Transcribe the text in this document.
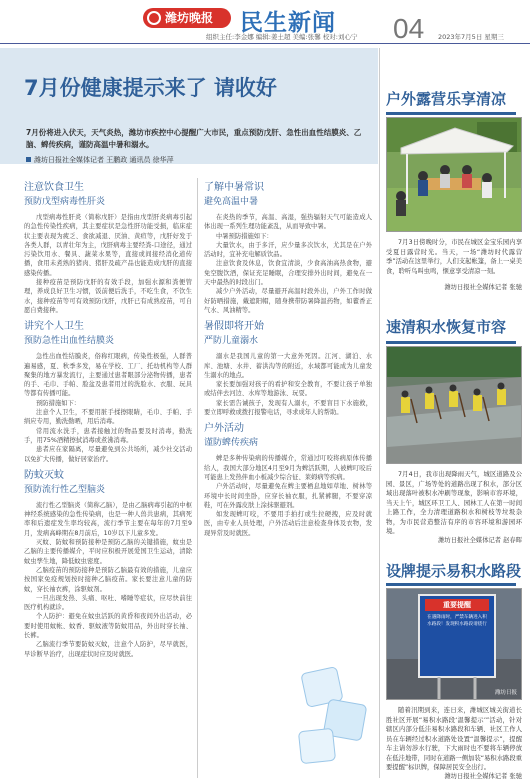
潍坊晚报	民生新闻
组织主任:李金娜 编辑:姜土超 美编:张馨 校对:刘心宁 04 2023年7月5日 星期三
7月份健康提示来了 请收好
7月份将进入伏天，天气炎热，潍坊市疾控中心提醒广大市民，重点预防戊肝、急性出血性结膜炎、乙脑、蜱传疾病，谨防高温中暑和溺水。
潍坊日报社全媒体记者 王鹏政 通讯员 徐华萍
注意饮食卫生
预防戊型病毒性肝炎

戊型病毒性肝炎（简称戊肝）是指由戊型肝炎病毒引起的急性传染性疾病，其主要症状是急性肝功能受损，临床症状主要表现为疲乏、食欲减退、厌油、黄疸等，戊肝好发于各类人群，以青壮年为主，戊肝病毒主要经粪-口途径，通过污染饮用水、餐具、蔬菜水果等，直接或间接经消化道传播，食用未煮熟的猪肉、猪肝及疏产品也能造成戊肝的直接感染传播。

接种疫苗是预防戊肝的有效手段，加强水源和粪便管理，养成良好卫生习惯，饭前便后洗手，不吃生食，不饮生水，接种疫苗等可有效预防戊肝，戊肝已有成熟疫苗，可自愿自费接种。

讲究个人卫生
预防急性出血性结膜炎

急性出血性结膜炎，俗称红眼病，传染性极强，人群普遍易感，夏、秋季多发，易在学校、工厂、托幼机构等人群聚集的地方暴发流行，主要通过患者眼部分泌物传播，患者的手、毛巾、手帕、脸盆及患者用过的洗脸水、衣服、玩具等都有传播可能。

预防措施如下：

注意个人卫生，不要用脏手揉擦眼睛，毛巾、手帕、手绢应专用，勤洗勤晒，用后消毒。

常用流水洗手，患者接触过的物品要及时消毒，勤洗手，用75%酒精擦拭消毒或煮沸消毒。

患者应在家隔离，尽量避免到公共场所，减少社交活动以免扩大传播，做好居家治疗。

防蚊灭蚊
预防流行性乙型脑炎

流行性乙型脑炎（简称乙脑），是由乙脑病毒引起的中枢神经系统感染的急性传染病，也是一种人兽共患病，其病死率和后遗症发生率均较高，流行季节主要在每年的7月至9月，发病高峰期在8月前后，10岁以下儿童多发。

灭蚊、防蚊和预防接种是预防乙脑的关键措施，蚊虫是乙脑的主要传播媒介，平时应积极开展爱国卫生运动，清除蚊虫孳生地，降低蚊虫密度。

乙脑疫苗的预防接种是预防乙脑最有效的措施，儿童应按国家免疫规划按时接种乙脑疫苗。家长要注意儿童的防蚊，穿长袖衣裤，涂驱蚊剂。

一旦出现发热、头痛、呕吐、嗜睡等症状，应尽快前往医疗机构就诊。

个人防护：避免在蚊虫活跃的黄昏和夜间外出活动，必要时使用蚊帐、蚊香、驱蚊液等防蚊用品，外出时穿长袖、长裤。

乙脑流行季节要防蚊灭蚊，注意个人防护，尽早就医，早诊断早治疗，出现症状时应及时就医。

了解中暑常识
避免高温中暑

在炎热的季节，高温、高湿，强热辐射天气可能造成人体出现一系列生理功能紊乱，从而导致中暑。

中暑预防措施如下：

大量饮水，由于多汗，应少量多次饮水，尤其是在户外活动时，宜补充电解质饮品。

注意饮食及休息，饮食宜清淡，少食高油高热食物，避免空腹饮酒，保证充足睡眠，合理安排外出时间，避免在一天中最热的时段出门。

减少户外活动，尽量避开高温时段外出，户外工作时做好防晒措施，戴遮阳帽，随身携带防暑降温药物，如藿香正气水、风油精等。

暑假即将开始
严防儿童溺水

溺水是我国儿童的第一大意外死因。江河、湖泊、水库、池塘、水井、蓄洪沟等的附近，水域都可能成为儿童发生溺水的地点。

家长要加强对孩子的看护和安全教育，不要让孩子单独或结伴去河边、水库等地游泳、玩耍。

家长需告诫孩子，发现有人溺水，不要盲目下水施救，要立即呼救或拨打报警电话，寻求成年人的帮助。

户外活动
谨防蜱传疾病

蜱是多种传染病的传播媒介，常通过叮咬将病原体传播给人，我国大部分地区4月至9月为蜱活跃期，人被蜱叮咬后可能患上发热伴血小板减少综合征、莱姆病等疾病。

户外活动时，尽量避免在蜱主要栖息地如草地、树林等环境中长时间坐卧，应穿长袖衣服，扎紧裤腿，不要穿凉鞋，可在外露皮肤上涂抹驱避剂。

如发现蜱叮咬，不要用手拍打或生拉硬拽，应及时就医，由专业人员处理，户外活动后注意检查身体及衣物，发现异常及时就医。

户外露营乐享清凉

7月3日傍晚时分，市民在城区金宝乐园内享受夏日露营时光。当天，一场“潍坊时代露营季”活动在这里举行，人们支起帐篷，备上一桌美食，聆听鸟叫虫鸣，惬意享受清凉一刻。

潍坊日报社全媒体记者 张驰
速清积水恢复市容

7月4日，我市出现降雨天气，城区道路及公园、景区，广场等处的道路出现了积水，部分区域出现落叶被积水冲刷等现象，影响市容环境，当天上午，城区环卫工人、园林工人在第一时间上路工作，全力清理道路积水和树枝等垃圾杂物，为市民营造整洁有序的市容环境和游园环境。

潍坊日报社全媒体记者 赵春晖
设牌提示易积水路段
重要提醒
在遇降雨时，严禁车辆进入积水路段！发现积水路段请绕行
潍坊日报

随着汛期到来，连日来，潍城区城关街道长胜社区开展“易积水路段‘温馨提示’”活动，针对辖区内部分低洼易积水路段和车辆、社区工作人员在车辆经过积水道路处设置“温馨提示”，提醒车主请勿涉水行驶，下大雨时也不要将车辆停放在低洼地带，同时在道路一侧加装“易积水路段重要提醒”标识牌，保障居民安全出行。

潍坊日报社全媒体记者 张驰
